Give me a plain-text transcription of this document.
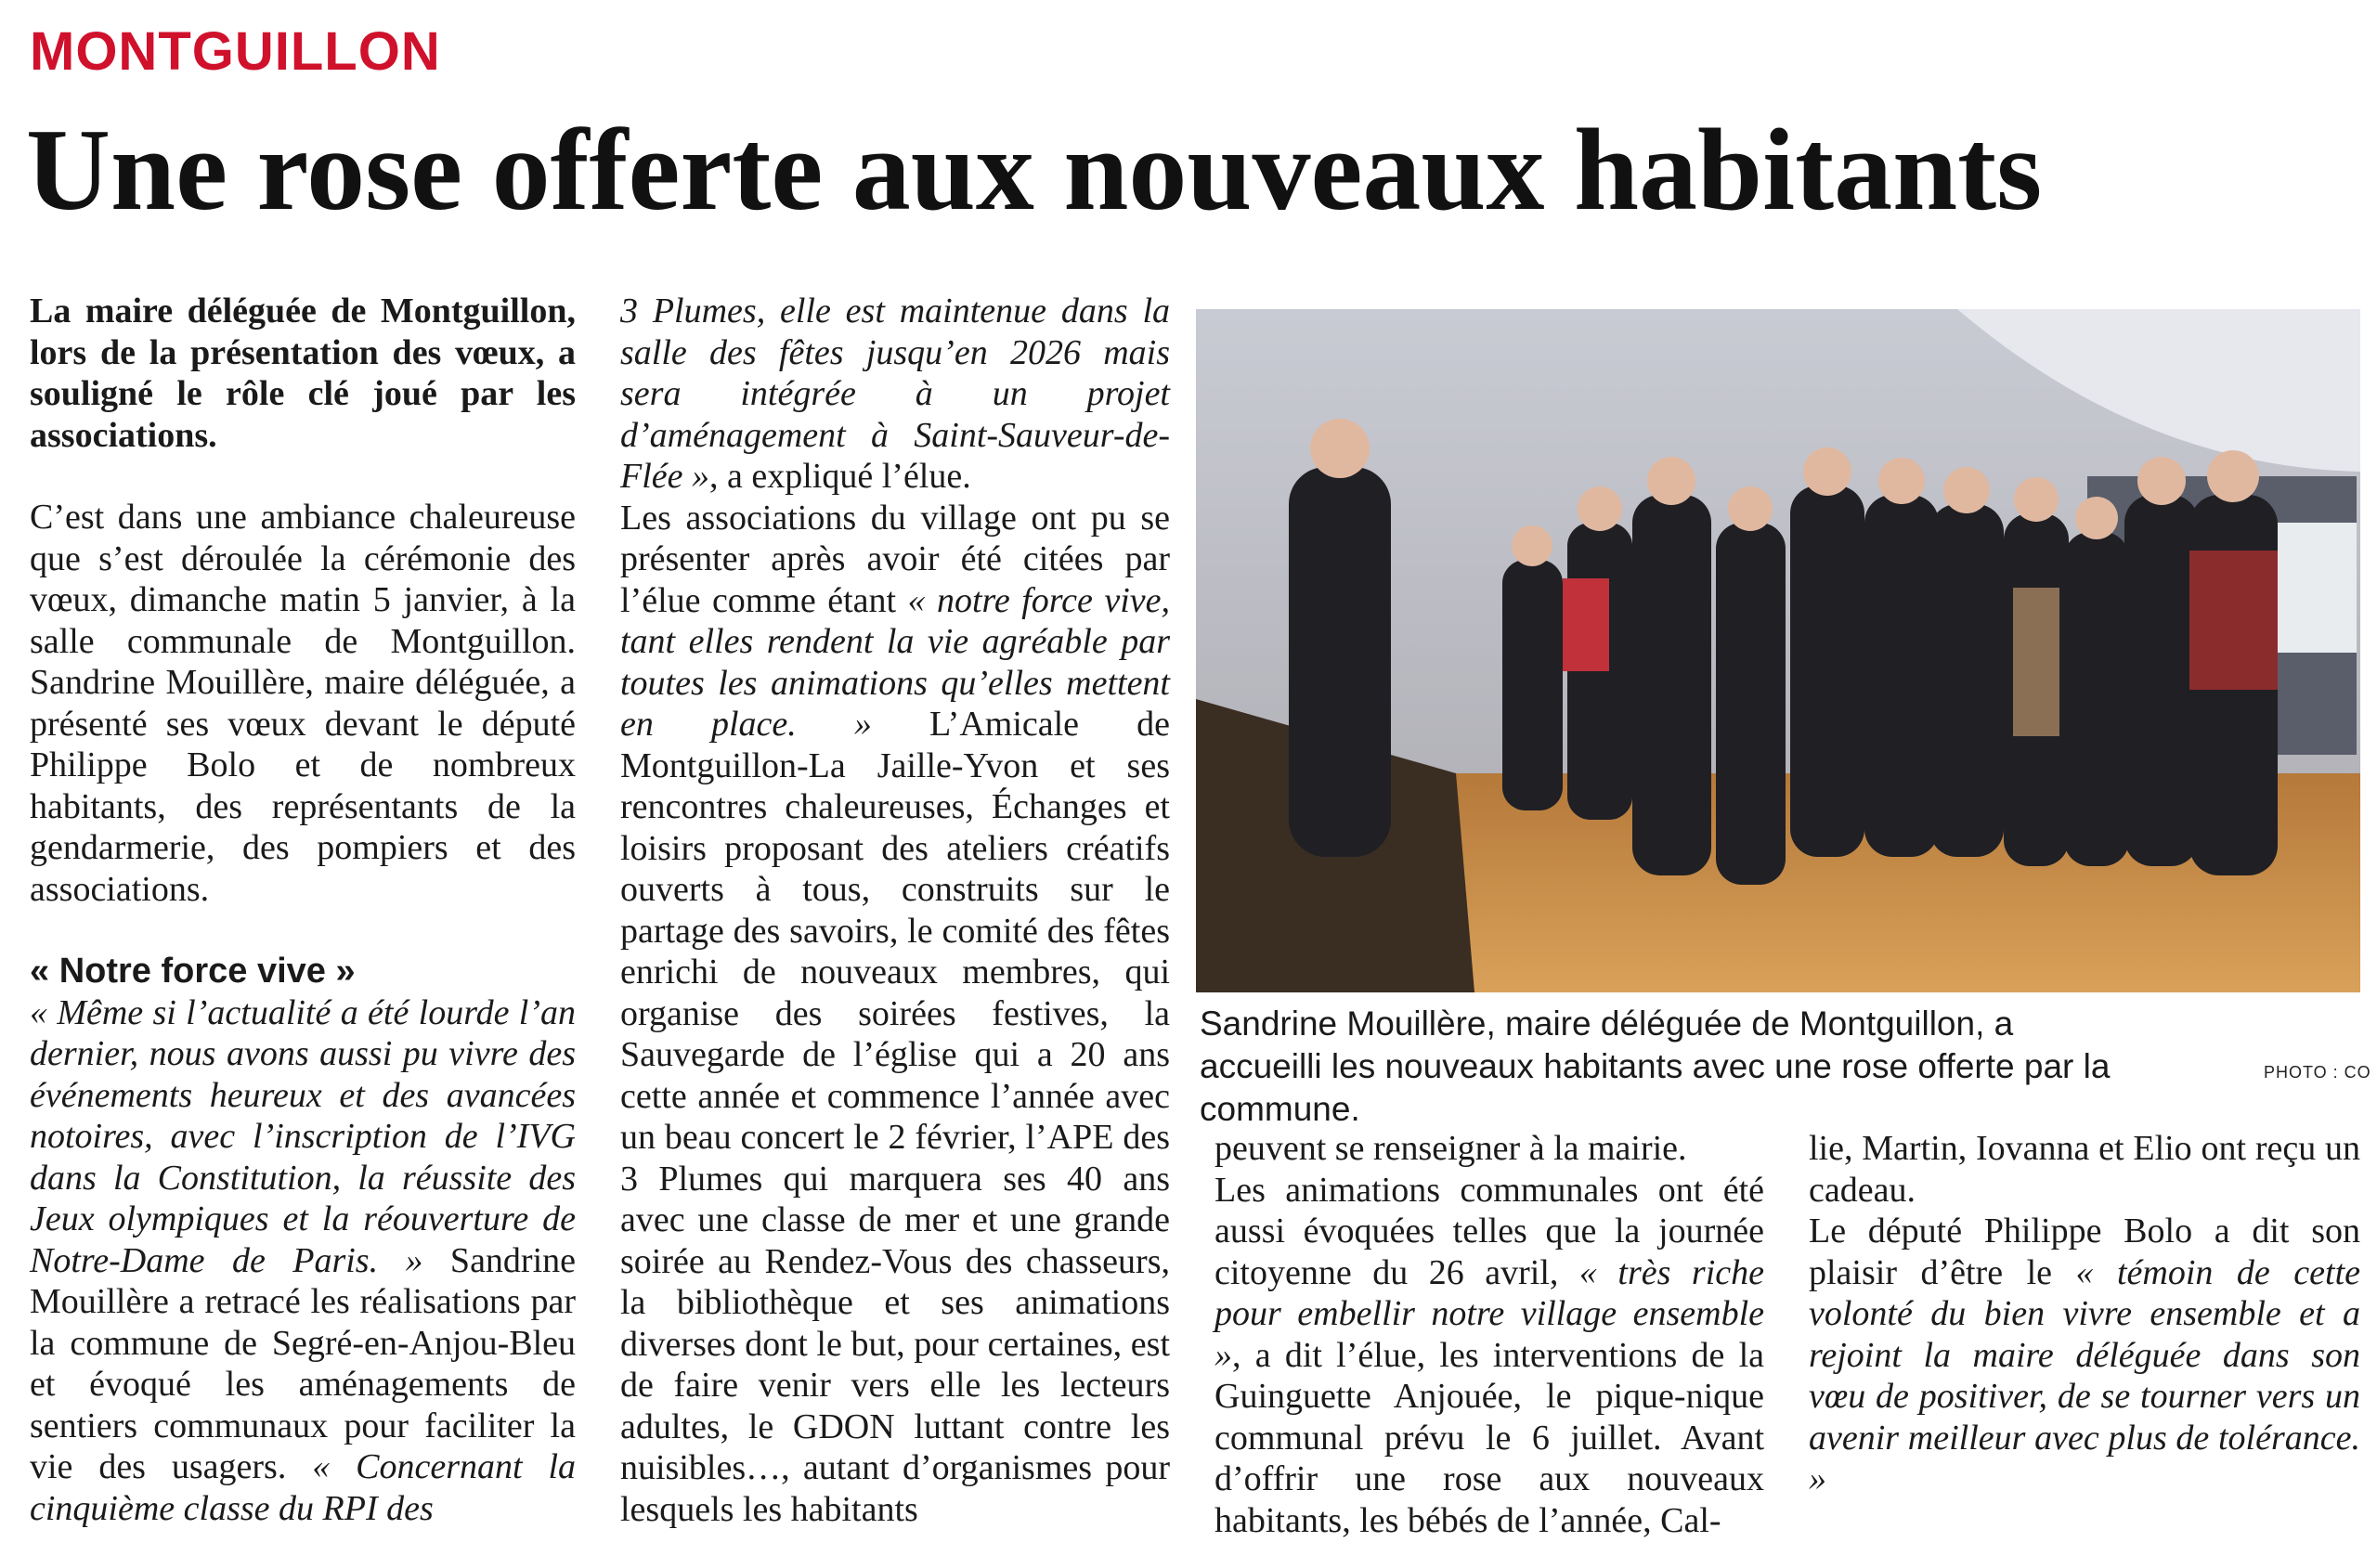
MONTGUILLON
Une rose offerte aux nouveaux habitants

La maire déléguée de Montguillon, lors de la présentation des vœux, a souligné le rôle clé joué par les associations.

C’est dans une ambiance chaleureuse que s’est déroulée la cérémonie des vœux, dimanche matin 5 janvier, à la salle communale de Montguillon. Sandrine Mouillère, maire déléguée, a présenté ses vœux devant le député Philippe Bolo et de nombreux habitants, des représentants de la gendarmerie, des pompiers et des associations.

« Notre force vive »

« Même si l’actualité a été lourde l’an dernier, nous avons aussi pu vivre des événements heureux et des avancées notoires, avec l’inscription de l’IVG dans la Constitution, la réussite des Jeux olympiques et la réouverture de Notre-Dame de Paris. » Sandrine Mouillère a retracé les réalisations par la commune de Segré-en-Anjou-Bleu et évoqué les aménagements de sentiers communaux pour faciliter la vie des usagers. « Concernant la cinquième classe du RPI des

3 Plumes, elle est maintenue dans la salle des fêtes jusqu’en 2026 mais sera intégrée à un projet d’aménagement à Saint-Sauveur-de-Flée », a expliqué l’élue.

Les associations du village ont pu se présenter après avoir été citées par l’élue comme étant « notre force vive, tant elles rendent la vie agréable par toutes les animations qu’elles mettent en place. » L’Amicale de Montguillon-La Jaille-Yvon et ses rencontres chaleureuses, Échanges et loisirs proposant des ateliers créatifs ouverts à tous, construits sur le partage des savoirs, le comité des fêtes enrichi de nouveaux membres, qui organise des soirées festives, la Sauvegarde de l’église qui a 20 ans cette année et commence l’année avec un beau concert le 2 février, l’APE des 3 Plumes qui marquera ses 40 ans avec une classe de mer et une grande soirée au Rendez-Vous des chasseurs, la bibliothèque et ses animations diverses dont le but, pour certaines, est de faire venir vers elle les lecteurs adultes, le GDON luttant contre les nuisibles…, autant d’organismes pour lesquels les habitants

Sandrine Mouillère, maire déléguée de Montguillon, a accueilli les nouveaux habitants avec une rose offerte par la commune.

PHOTO : CO

peuvent se renseigner à la mairie.

Les animations communales ont été aussi évoquées telles que la journée citoyenne du 26 avril, « très riche pour embellir notre village ensemble », a dit l’élue, les interventions de la Guinguette Anjouée, le pique-nique communal prévu le 6 juillet. Avant d’offrir une rose aux nouveaux habitants, les bébés de l’année, Cal-

lie, Martin, Iovanna et Elio ont reçu un cadeau.

Le député Philippe Bolo a dit son plaisir d’être le « témoin de cette volonté du bien vivre ensemble et a rejoint la maire déléguée dans son vœu de positiver, de se tourner vers un avenir meilleur avec plus de tolérance. »
